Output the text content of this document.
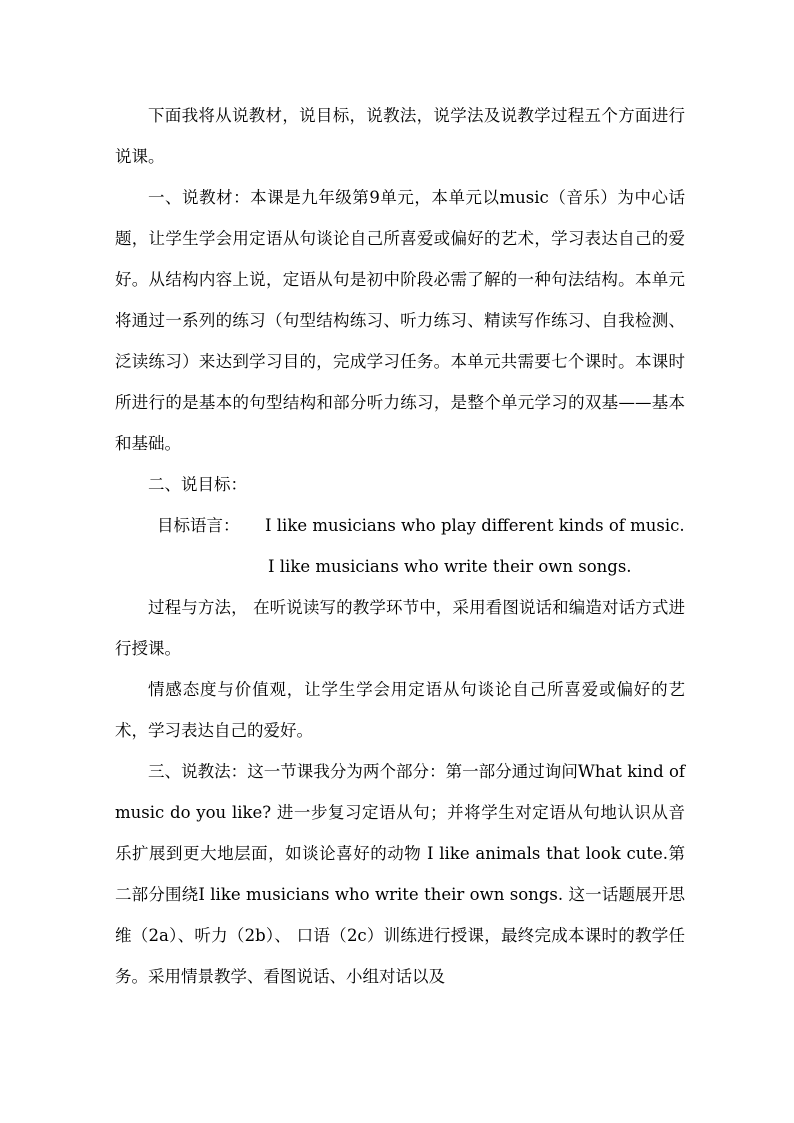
下面我将从说教材，说目标，说教法，说学法及说教学过程五个方面进行说课。

一、说教材：本课是九年级第9单元，本单元以music（音乐）为中心话题，让学生学会用定语从句谈论自己所喜爱或偏好的艺术，学习表达自己的爱好。从结构内容上说，定语从句是初中阶段必需了解的一种句法结构。本单元将通过一系列的练习（句型结构练习、听力练习、精读写作练习、自我检测、泛读练习）来达到学习目的，完成学习任务。本单元共需要七个课时。本课时所进行的是基本的句型结构和部分听力练习，是整个单元学习的双基——基本和基础。

二、说目标：

目标语言： I like musicians who play different kinds of music.

I like musicians who write their own songs.

过程与方法， 在听说读写的教学环节中，采用看图说话和编造对话方式进行授课。

情感态度与价值观，让学生学会用定语从句谈论自己所喜爱或偏好的艺术，学习表达自己的爱好。

三、说教法：这一节课我分为两个部分：第一部分通过询问What kind of music do you like? 进一步复习定语从句；并将学生对定语从句地认识从音乐扩展到更大地层面，如谈论喜好的动物 I like animals that look cute.第二部分围绕I like musicians who write their own songs. 这一话题展开思维（2a）、听力（2b）、 口语（2c）训练进行授课，最终完成本课时的教学任务。采用情景教学、看图说话、小组对话以及
